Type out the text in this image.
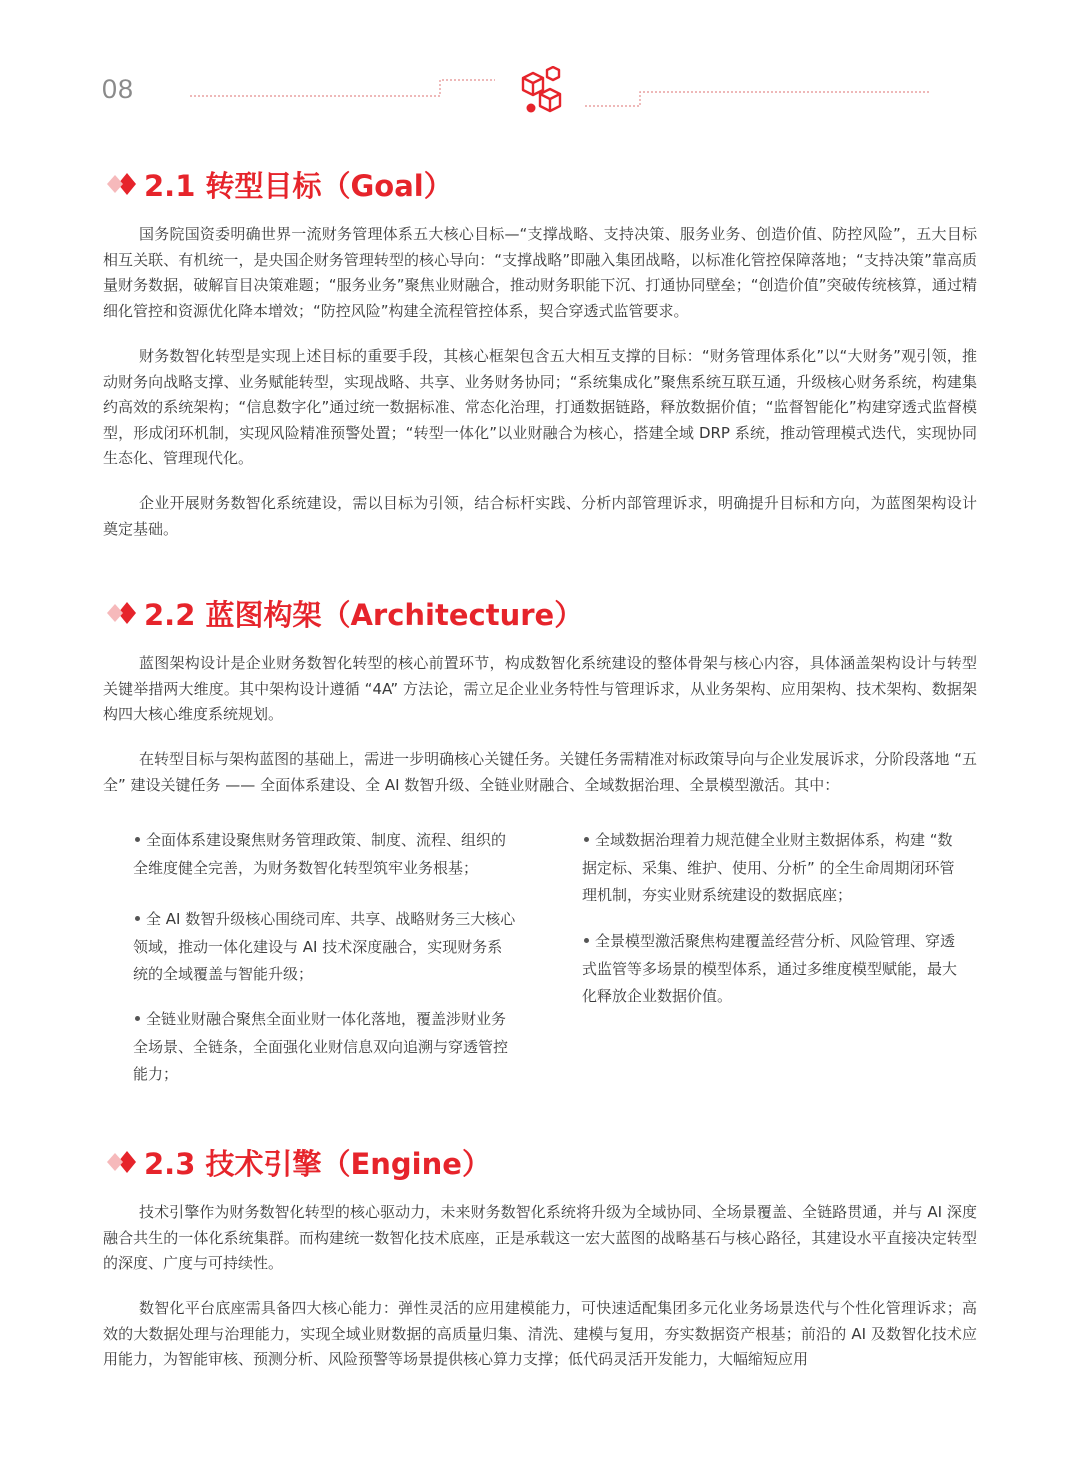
08
2.1 转型目标（Goal）

国务院国资委明确世界一流财务管理体系五大核心目标—“支撑战略、支持决策、服务业务、创造价值、防控风险”，五大目标相互关联、有机统一，是央国企财务管理转型的核心导向：“支撑战略”即融入集团战略，以标准化管控保障落地；“支持决策”靠高质量财务数据，破解盲目决策难题；“服务业务”聚焦业财融合，推动财务职能下沉、打通协同壁垒；“创造价值”突破传统核算，通过精细化管控和资源优化降本增效；“防控风险”构建全流程管控体系，契合穿透式监管要求。

财务数智化转型是实现上述目标的重要手段，其核心框架包含五大相互支撑的目标：“财务管理体系化”以“大财务”观引领，推动财务向战略支撑、业务赋能转型，实现战略、共享、业务财务协同；“系统集成化”聚焦系统互联互通，升级核心财务系统，构建集约高效的系统架构；“信息数字化”通过统一数据标准、常态化治理，打通数据链路，释放数据价值；“监督智能化”构建穿透式监督模型，形成闭环机制，实现风险精准预警处置；“转型一体化”以业财融合为核心，搭建全域 DRP 系统，推动管理模式迭代，实现协同生态化、管理现代化。

企业开展财务数智化系统建设，需以目标为引领，结合标杆实践、分析内部管理诉求，明确提升目标和方向，为蓝图架构设计奠定基础。

2.2 蓝图构架（Architecture）

蓝图架构设计是企业财务数智化转型的核心前置环节，构成数智化系统建设的整体骨架与核心内容，具体涵盖架构设计与转型关键举措两大维度。其中架构设计遵循 “4A” 方法论，需立足企业业务特性与管理诉求，从业务架构、应用架构、技术架构、数据架构四大核心维度系统规划。

在转型目标与架构蓝图的基础上，需进一步明确核心关键任务。关键任务需精准对标政策导向与企业发展诉求，分阶段落地 “五全” 建设关键任务 —— 全面体系建设、全 AI 数智升级、全链业财融合、全域数据治理、全景模型激活。其中：

全面体系建设聚焦财务管理政策、制度、流程、组织的全维度健全完善，为财务数智化转型筑牢业务根基；

全 AI 数智升级核心围绕司库、共享、战略财务三大核心领域，推动一体化建设与 AI 技术深度融合，实现财务系统的全域覆盖与智能升级；

全链业财融合聚焦全面业财一体化落地，覆盖涉财业务全场景、全链条，全面强化业财信息双向追溯与穿透管控能力；

全域数据治理着力规范健全业财主数据体系，构建 “数据定标、采集、维护、使用、分析” 的全生命周期闭环管理机制，夯实业财系统建设的数据底座；

全景模型激活聚焦构建覆盖经营分析、风险管理、穿透式监管等多场景的模型体系，通过多维度模型赋能，最大化释放企业数据价值。

2.3 技术引擎（Engine）

技术引擎作为财务数智化转型的核心驱动力，未来财务数智化系统将升级为全域协同、全场景覆盖、全链路贯通，并与 AI 深度融合共生的一体化系统集群。而构建统一数智化技术底座，正是承载这一宏大蓝图的战略基石与核心路径，其建设水平直接决定转型的深度、广度与可持续性。

数智化平台底座需具备四大核心能力：弹性灵活的应用建模能力，可快速适配集团多元化业务场景迭代与个性化管理诉求；高效的大数据处理与治理能力，实现全域业财数据的高质量归集、清洗、建模与复用，夯实数据资产根基；前沿的 AI 及数智化技术应用能力，为智能审核、预测分析、风险预警等场景提供核心算力支撑；低代码灵活开发能力，大幅缩短应用
